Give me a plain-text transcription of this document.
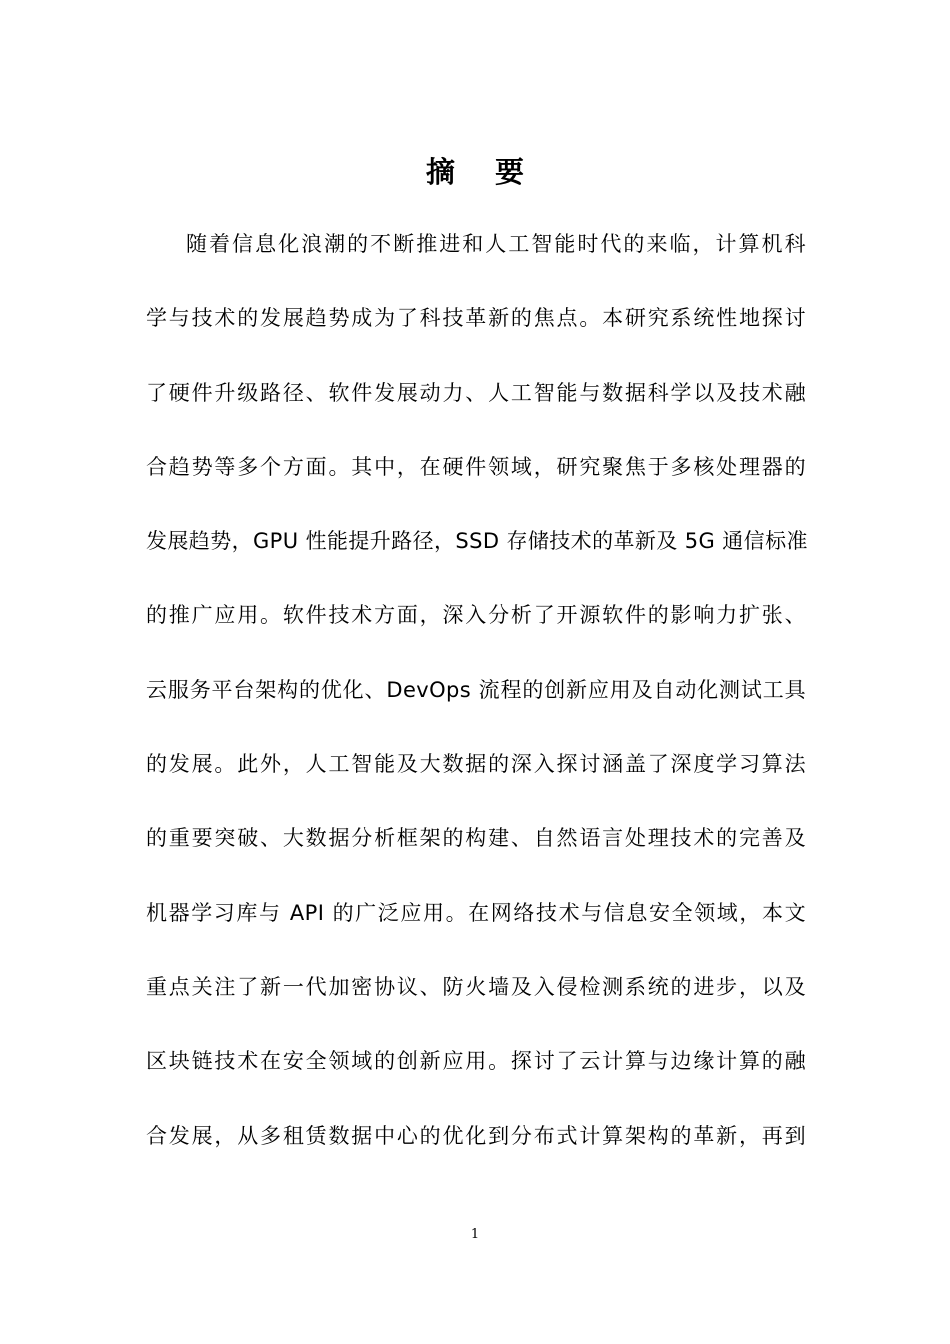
摘 要
随着信息化浪潮的不断推进和人工智能时代的来临，计算机科
学与技术的发展趋势成为了科技革新的焦点。本研究系统性地探讨
了硬件升级路径、软件发展动力、人工智能与数据科学以及技术融
合趋势等多个方面。其中，在硬件领域，研究聚焦于多核处理器的
发展趋势，GPU 性能提升路径，SSD 存储技术的革新及 5G 通信标准
的推广应用。软件技术方面，深入分析了开源软件的影响力扩张、
云服务平台架构的优化、DevOps 流程的创新应用及自动化测试工具
的发展。此外，人工智能及大数据的深入探讨涵盖了深度学习算法
的重要突破、大数据分析框架的构建、自然语言处理技术的完善及
机器学习库与 API 的广泛应用。在网络技术与信息安全领域，本文
重点关注了新一代加密协议、防火墙及入侵检测系统的进步，以及
区块链技术在安全领域的创新应用。探讨了云计算与边缘计算的融
合发展，从多租赁数据中心的优化到分布式计算架构的革新，再到
1
